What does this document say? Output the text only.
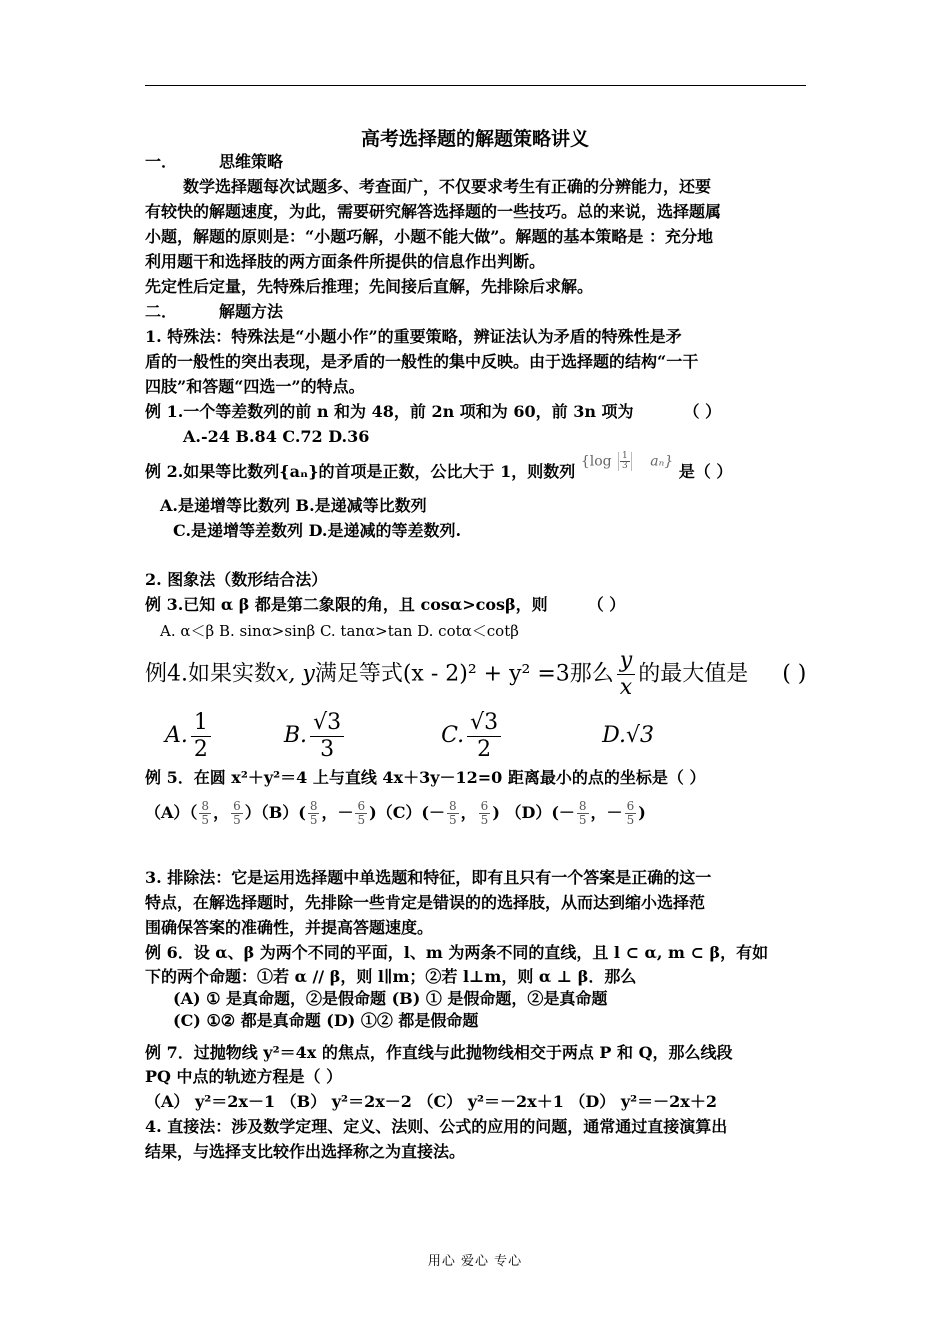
高考选择题的解题策略讲义
一．	思维策略
数学选择题每次试题多、考查面广，不仅要求考生有正确的分辨能力，还要
有较快的解题速度，为此，需要研究解答选择题的一些技巧。总的来说，选择题属
小题，解题的原则是：“小题巧解，小题不能大做”。解题的基本策略是 ：充分地
利用题干和选择肢的两方面条件所提供的信息作出判断。
先定性后定量，先特殊后推理；先间接后直解，先排除后求解。
二．	解题方法
1. 特殊法：特殊法是“小题小作”的重要策略，辨证法认为矛盾的特殊性是矛
盾的一般性的突出表现，是矛盾的一般性的集中反映。由于选择题的结构“一干
四肢”和答题“四选一”的特点。
例 1.一个等差数列的前 n 和为 48，前 2n 项和为 60，前 3n 项为	（ ）
A.-24 B.84 C.72 D.36
例 2.如果等比数列{aₙ}的首项是正数，公比大于 1，则数列 $\{\log \frac{1}{3} a_n\}$ 是（ ）
A.是递增等比数列 B.是递减等比数列
C.是递增等差数列 D.是递减的等差数列.
2. 图象法（数形结合法）
例 3.已知 α β 都是第二象限的角，且 cosα>cosβ，则	（ ）
A. α＜β B. sinα>sinβ C. tanα>tan D. cotα＜cotβ
例4.如果实数x, y满足等式(x - 2)² + y² =3那么 $\frac{y}{x}$ 的最大值是 ( )
A. $\frac{1}{2}$	B. $\frac{√3}{3}$	C. $\frac{√3}{2}$	D.√3
例 5．在圆 x²＋y²＝4 上与直线 4x＋3y－12=0 距离最小的点的坐标是（ ）
$(A)( \frac{8}{5}$ ， $\frac{6}{5} )(B)( \frac{8}{5}$ ，－ $\frac{6}{5} )(C)(- \frac{8}{5}$ ， $\frac{6}{5}$ ) $(D)(- \frac{8}{5}$ ，－ $\frac{6}{5}$ )
3. 排除法：它是运用选择题中单选题和特征，即有且只有一个答案是正确的这一
特点，在解选择题时，先排除一些肯定是错误的的选择肢，从而达到缩小选择范
围确保答案的准确性，并提高答题速度。
例 6．设 α、β 为两个不同的平面，l、m 为两条不同的直线，且 l ⊂ α, m ⊂ β，有如
下的两个命题：①若 α // β，则 l∥m；②若 l⊥m，则 α ⊥ β．那么
(A) ① 是真命题，②是假命题 (B) ① 是假命题，②是真命题
(C) ①② 都是真命题 (D) ①② 都是假命题
例 7．过抛物线 y²＝4x 的焦点，作直线与此抛物线相交于两点 P 和 Q，那么线段
PQ 中点的轨迹方程是（ ）
（A） y²＝2x－1 （B） y²＝2x－2 （C） y²＝－2x＋1 （D） y²＝－2x＋2
4. 直接法：涉及数学定理、定义、法则、公式的应用的问题，通常通过直接演算出
结果，与选择支比较作出选择称之为直接法。
用心 爱心 专心
